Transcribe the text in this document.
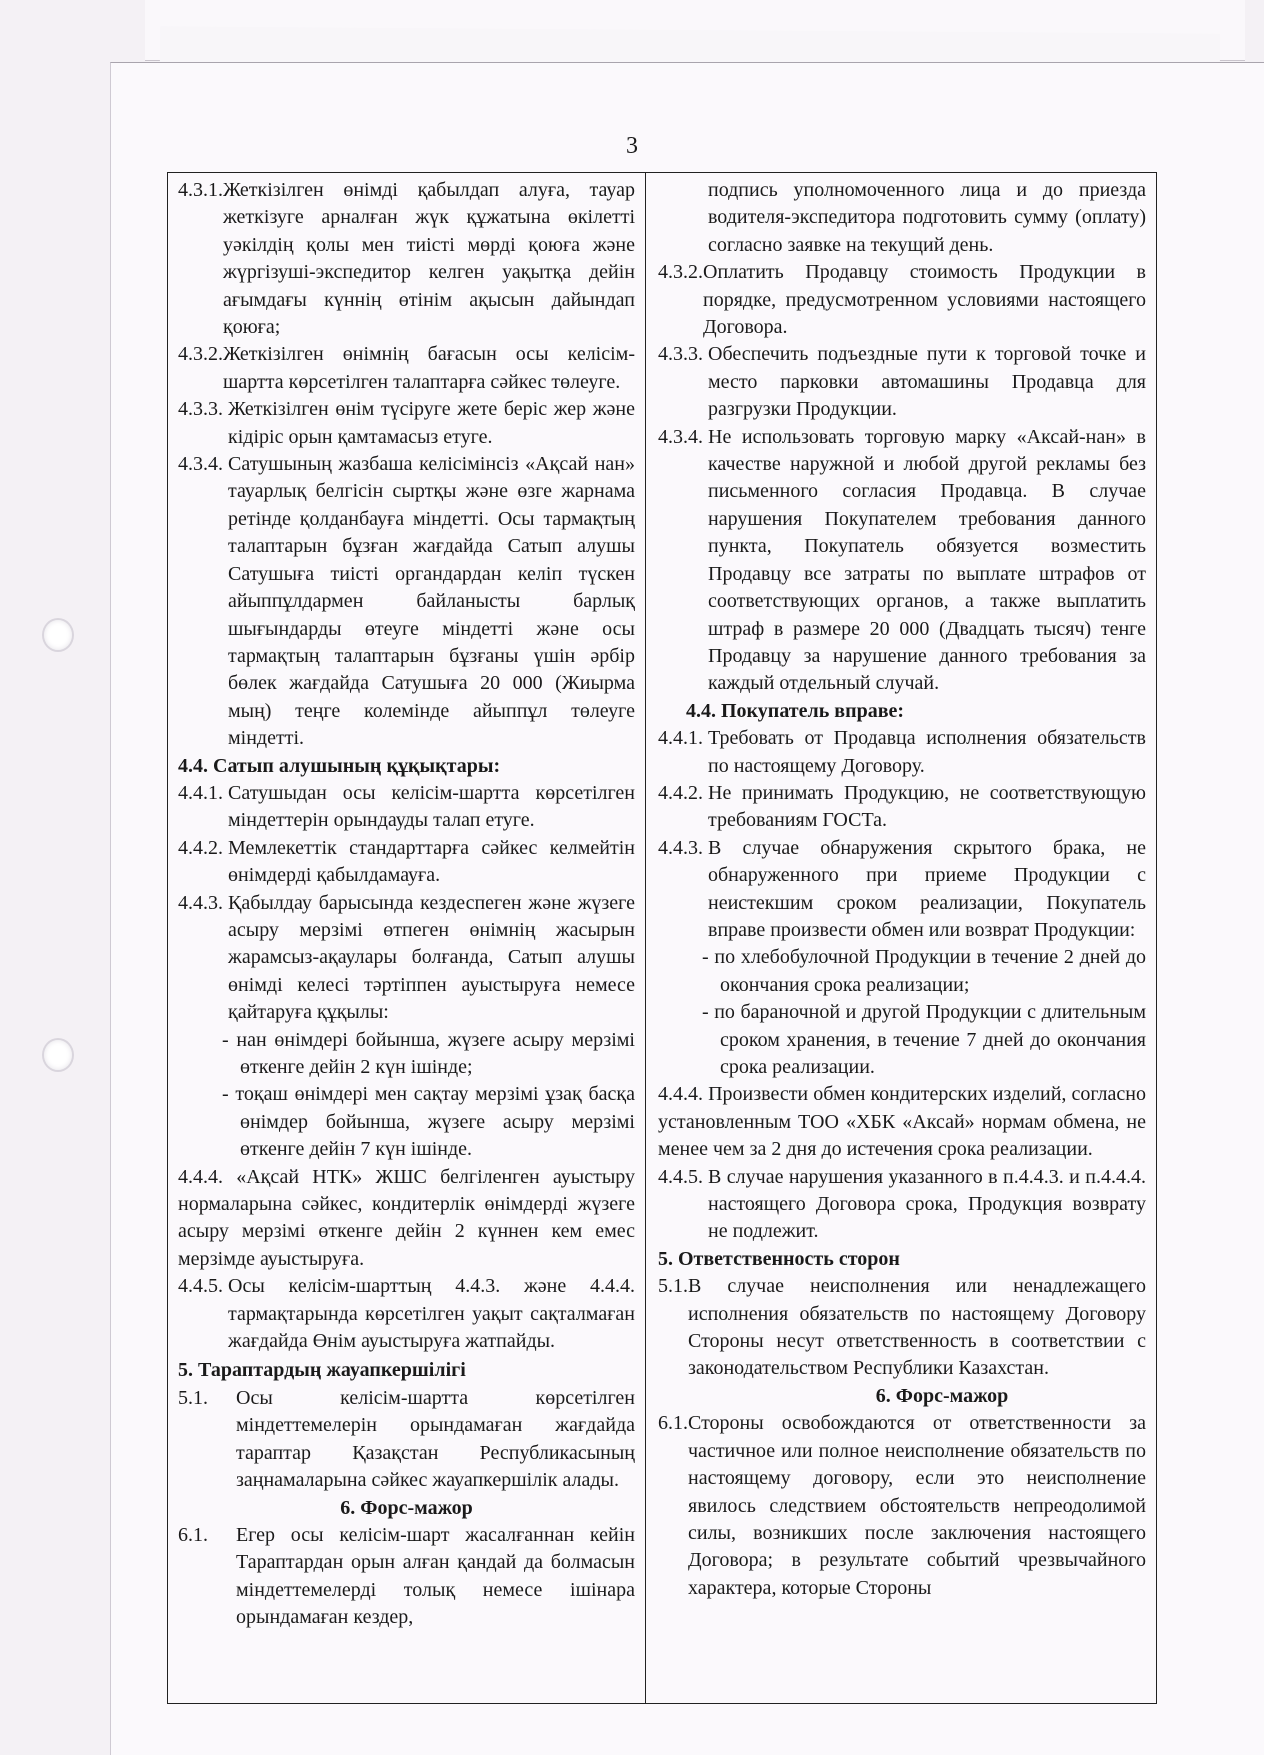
3
4.3.1. Жеткізілген өнімді қабылдап алуға, тауар жеткізуге арналған жүк құжатына өкілетті уәкілдің қолы мен тиісті мөрді қоюға және жүргізуші-экспедитор келген уақытқа дейін ағымдағы күннің өтінім ақысын дайындап қоюға;
4.3.2. Жеткізілген өнімнің бағасын осы келісім-шартта көрсетілген талаптарға сәйкес төлеуге.
4.3.3.
Жеткізілген өнім түсіруге жете беріс жер және кідіріс орын қамтамасыз етуге.
4.3.4.
Сатушының жазбаша келісімінсіз «Ақсай нан» тауарлық белгісін сыртқы және өзге жарнама ретінде қолданбауға міндетті. Осы тармақтың талаптарын бұзған жағдайда Сатып алушы Сатушыға тиісті органдардан келіп түскен айыппұлдармен байланысты барлық шығындарды өтеуге міндетті және осы тармақтың талаптарын бұзғаны үшін әрбір бөлек жағдайда Сатушыға 20 000 (Жиырма мың) теңге колемінде айыппұл төлеуге міндетті.
4.4. Сатып алушының құқықтары:
4.4.1.
Сатушыдан осы келісім-шартта көрсетілген міндеттерін орындауды талап етуге.
4.4.2.
Мемлекеттік стандарттарға сәйкес келмейтін өнімдерді қабылдамауға.
4.4.3.
Қабылдау барысында кездеспеген және жүзеге асыру мерзімі өтпеген өнімнің жасырын жарамсыз-ақаулары болғанда, Сатып алушы өнімді келесі тәртіппен ауыстыруға немесе қайтаруға құқылы:
- нан өнімдері бойынша, жүзеге асыру мерзімі өткенге дейін 2 күн ішінде;
- тоқаш өнімдері мен сақтау мерзімі ұзақ басқа өнімдер бойынша, жүзеге асыру мерзімі өткенге дейін 7 күн ішінде.
4.4.4. «Ақсай НТК» ЖШС белгіленген ауыстыру нормаларына сәйкес, кондитерлік өнімдерді жүзеге асыру мерзімі өткенге дейін 2 күннен кем емес мерзімде ауыстыруға.
4.4.5.
Осы келісім-шарттың 4.4.3. және 4.4.4. тармақтарында көрсетілген уақыт сақталмаған жағдайда Өнім ауыстыруға жатпайды.
5. Тараптардың жауапкершілігі
5.1.	Осы келісім-шартта көрсетілген міндеттемелерін орындамаған жағдайда тараптар Қазақстан Республикасының заңнамаларына сәйкес жауапкершілік алады.
6. Форс-мажор
6.1.	Егер осы келісім-шарт жасалғаннан кейін Тараптардан орын алған қандай да болмасын міндеттемелерді толық немесе ішінара орындамаған кездер,
подпись уполномоченного лица и до приезда водителя-экспедитора подготовить сумму (оплату) согласно заявке на текущий день.
4.3.2. Оплатить Продавцу стоимость Продукции в порядке, предусмотренном условиями настоящего Договора.
4.3.3.
Обеспечить подъездные пути к торговой точке и место парковки автомашины Продавца для разгрузки Продукции.
4.3.4.
Не использовать торговую марку «Аксай-нан» в качестве наружной и любой другой рекламы без письменного согласия Продавца. В случае нарушения Покупателем требования данного пункта, Покупатель обязуется возместить Продавцу все затраты по выплате штрафов от соответствующих органов, а также выплатить штраф в размере 20 000 (Двадцать тысяч) тенге Продавцу за нарушение данного требования за каждый отдельный случай.
4.4. Покупатель вправе:
4.4.1.
Требовать от Продавца исполнения обязательств по настоящему Договору.
4.4.2.
Не принимать Продукцию, не соответствующую требованиям ГОСТа.
4.4.3.
В случае обнаружения скрытого брака, не обнаруженного при приеме Продукции с неистекшим сроком реализации, Покупатель вправе произвести обмен или возврат Продукции:
- по хлебобулочной Продукции в течение 2 дней до окончания срока реализации;
- по бараночной и другой Продукции с длительным сроком хранения, в течение 7 дней до окончания срока реализации.
4.4.4. Произвести обмен кондитерских изделий, согласно установленным ТОО «ХБК «Аксай» нормам обмена, не менее чем за 2 дня до истечения срока реализации.
4.4.5.
В случае нарушения указанного в п.4.4.3. и п.4.4.4. настоящего Договора срока, Продукция возврату не подлежит.
5. Ответственность сторон
5.1. В случае неисполнения или ненадлежащего исполнения обязательств по настоящему Договору Стороны несут ответственность в соответствии с законодательством Республики Казахстан.
6. Форс-мажор
6.1. Стороны освобождаются от ответственности за частичное или полное неисполнение обязательств по настоящему договору, если это неисполнение явилось следствием обстоятельств непреодолимой силы, возникших после заключения настоящего Договора; в результате событий чрезвычайного характера, которые Стороны
